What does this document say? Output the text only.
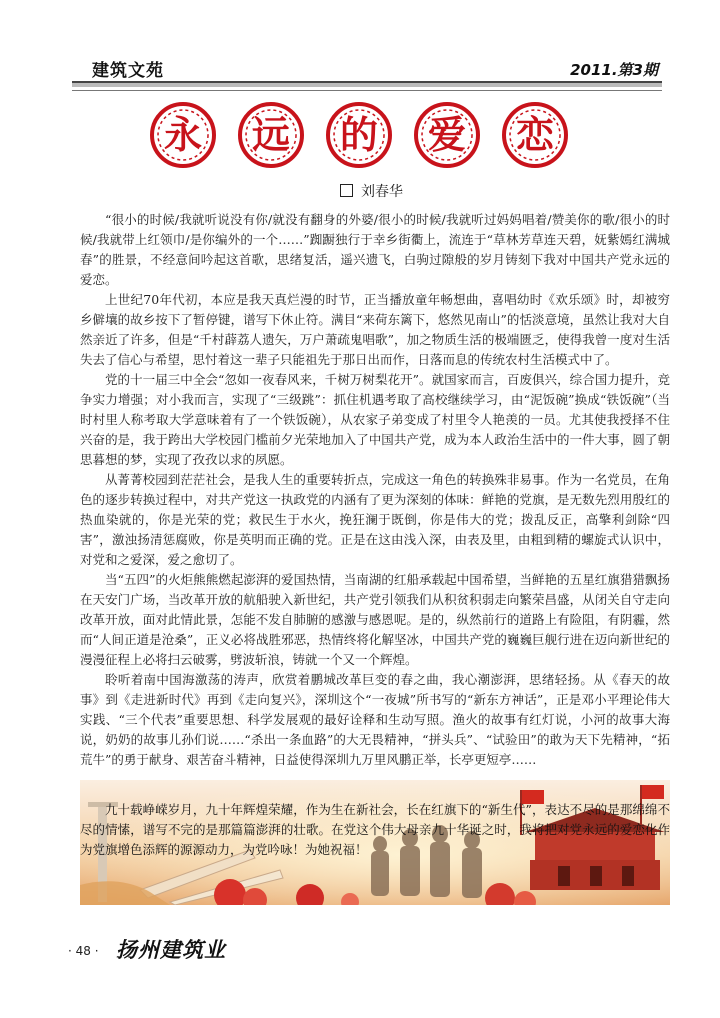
建筑文苑	2011.第3期
永	远	的	爱	恋
刘春华

“很小的时候/我就听说没有你/就没有翻身的外婆/很小的时候/我就听过妈妈唱着/赞美你的歌/很小的时候/我就带上红领巾/是你编外的一个……”踟蹰独行于幸乡街衢上，流连于“草林芳草连天碧，妩紫嫣红满城春”的胜景，不经意间吟起这首歌，思绪复活，遥兴遗飞，白驹过隙般的岁月铸刻下我对中国共产党永远的爱恋。

上世纪70年代初，本应是我天真烂漫的时节，正当播放童年畅想曲，喜唱幼时《欢乐颂》时，却被穷乡僻壤的故乡按下了暂停键，谱写下休止符。满目“来荷东篱下，悠然见南山”的恬淡意境，虽然让我对大自然亲近了许多，但是“千村薜荔人遗矢，万户萧疏鬼唱歌”，加之物质生活的极端匮乏，使得我曾一度对生活失去了信心与希望，思忖着这一辈子只能祖先于那日出而作，日落而息的传统农村生活模式中了。

党的十一届三中全会“忽如一夜春风来，千树万树梨花开”。就国家而言，百废俱兴，综合国力提升，竞争实力增强；对小我而言，实现了“三级跳”：抓住机遇考取了高校继续学习，由“泥饭碗”换成“铁饭碗”（当时村里人称考取大学意味着有了一个铁饭碗），从农家子弟变成了村里令人艳羡的一员。尤其使我授择不住兴奋的是，我于跨出大学校园门槛前夕光荣地加入了中国共产党，成为本人政治生活中的一件大事，圆了朝思暮想的梦，实现了孜孜以求的夙愿。

从菁菁校园到茫茫社会，是我人生的重要转折点，完成这一角色的转换殊非易事。作为一名党员，在角色的逐步转换过程中，对共产党这一执政党的内涵有了更为深刻的体味：鲜艳的党旗，是无数先烈用殷红的热血染就的，你是光荣的党；救民生于水火，挽狂澜于既倒，你是伟大的党；拨乱反正，高擎利剑除“四害”，激浊扬清惩腐败，你是英明而正确的党。正是在这由浅入深，由表及里，由粗到精的螺旋式认识中，对党和之爱深，爱之愈切了。

当“五四”的火炬熊熊燃起澎湃的爱国热情，当南湖的红船承载起中国希望，当鲜艳的五星红旗猎猎飘扬在天安门广场，当改革开放的航船驶入新世纪，共产党引领我们从积贫积弱走向繁荣昌盛，从闭关自守走向改革开放，面对此情此景，怎能不发自肺腑的感激与感恩呢。是的，纵然前行的道路上有险阻，有阴霾，然而“人间正道是沧桑”，正义必将战胜邪恶，热情终将化解坚冰，中国共产党的巍巍巨舰行进在迈向新世纪的漫漫征程上必将扫云破雾，劈波斩浪，铸就一个又一个辉煌。

聆听着南中国海激荡的涛声，欣赏着鹏城改革巨变的春之曲，我心潮澎湃，思绪轻扬。从《春天的故事》到《走进新时代》再到《走向复兴》，深圳这个“一夜城”所书写的“新东方神话”，正是邓小平理论伟大实践、“三个代表”重要思想、科学发展观的最好诠释和生动写照。渔火的故事有红灯说，小河的故事大海说，奶奶的故事儿孙们说……“杀出一条血路”的大无畏精神，“拼头兵”、“试验田”的敢为天下先精神，“拓荒牛”的勇于献身、艰苦奋斗精神，日益使得深圳九万里风鹏正举，长亭更短亭……

九十载峥嵘岁月，九十年辉煌荣耀，作为生在新社会，长在红旗下的“新生代”，表达不尽的是那绵绵不尽的情愫，谱写不完的是那篇篇澎湃的壮歌。在党这个伟大母亲九十华诞之时，我将把对党永远的爱恋化作为党旗增色添辉的源源动力，为党吟咏！为她祝福！

· 48 · 扬州建筑业
